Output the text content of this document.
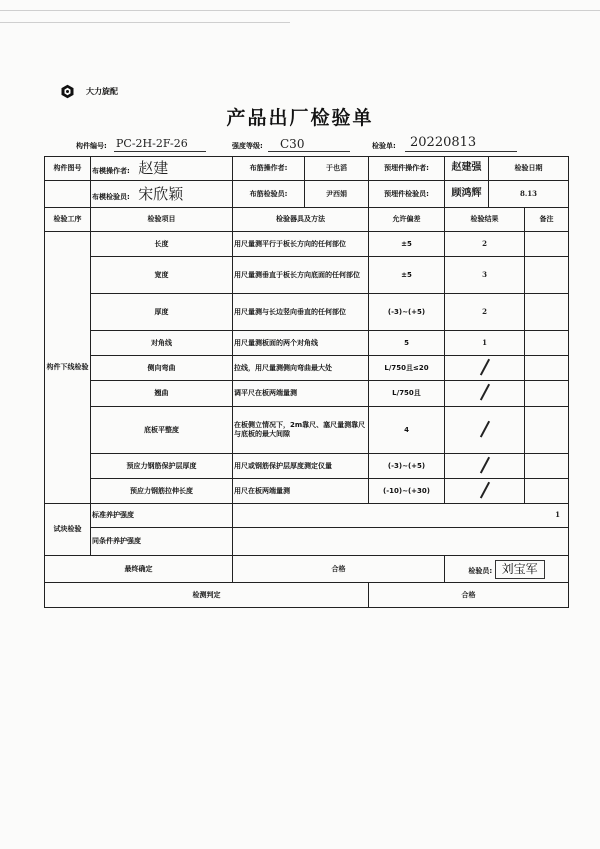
大力旋配
产品出厂检验单
构件编号: PC-2H-2F-26	强度等级: C30	检验单: 20220813
构件图号	布模操作者: 赵建	布筋操作者:	于也滔	预埋件操作者:	赵建强	检验日期	
	布模检验员: 宋欣颖	布筋检验员:	尹西娟	预埋件检验员:	顾鸿辉	8.13	
检验工序	检验项目	检验器具及方法		允许偏差	检验结果		备注
构件下线检验	长度	用尺量测平行于板长方向的任何部位		±5	2		
	宽度	用尺量测垂直于板长方向底面的任何部位		±5	3		
	厚度	用尺量测与长边竖向垂直的任何部位		(-3)~(+5)	2		
	对角线	用尺量测板面的两个对角线		5	1		
	侧向弯曲	拉线，用尺量测侧向弯曲最大处		L/750且≤20			
	翘曲	调平尺在板两端量测		L/750且			
	底板平整度	在板侧立情况下，2m靠尺、塞尺量测靠尺与底板的最大间隙		4			
	预应力钢筋保护层厚度	用尺或钢筋保护层厚度测定仪量		(-3)~(+5)			
	预应力钢筋拉伸长度	用尺在板两端量测		(-10)~(+30)			
试块检验	标准养护强度	1					
	同条件养护强度						
最终确定		合格			检验员: 刘宝军		
检测判定				合格			
